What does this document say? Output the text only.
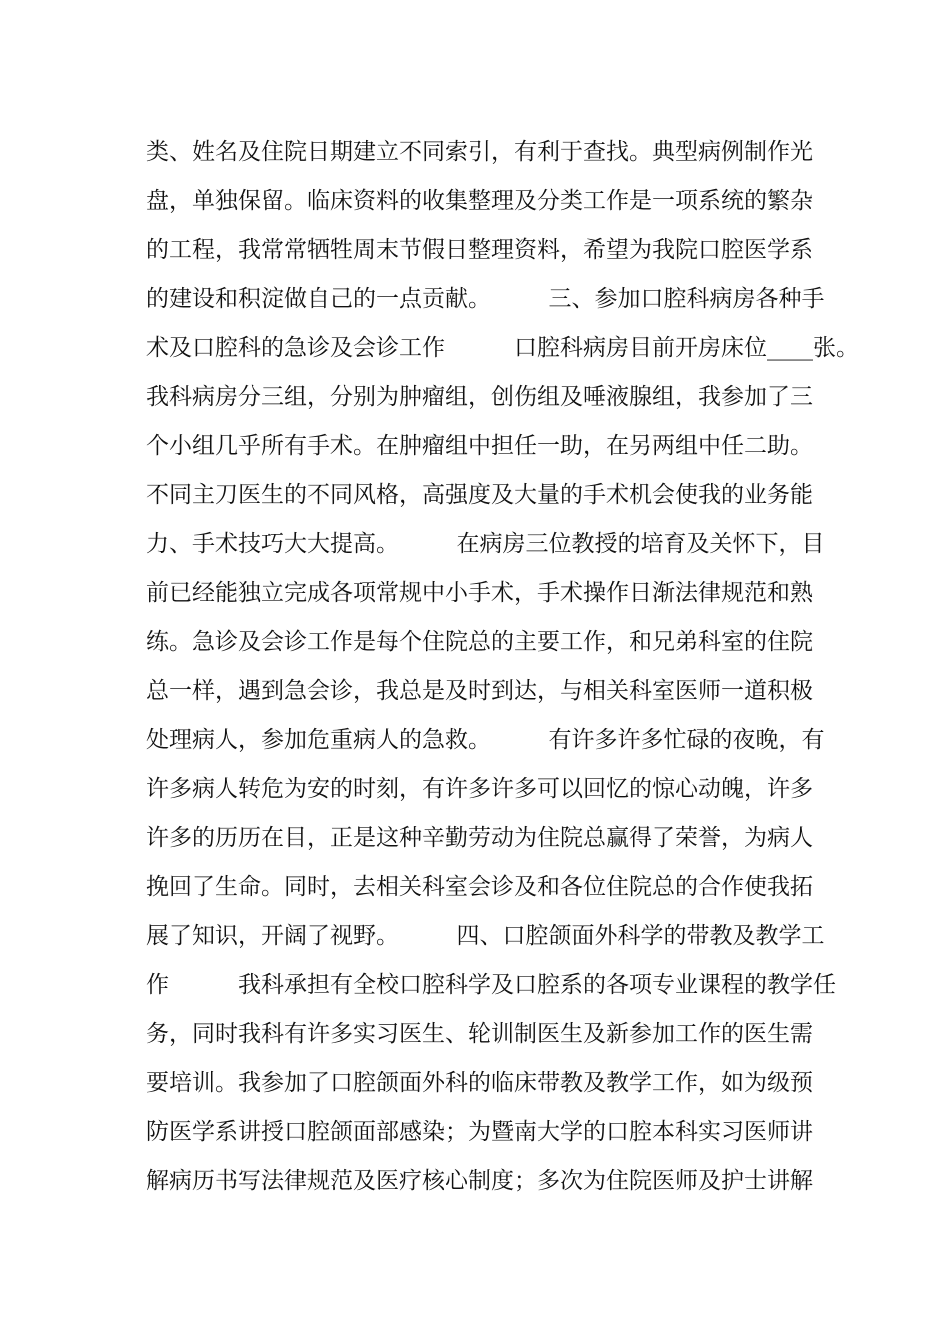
类、姓名及住院日期建立不同索引，有利于查找。典型病例制作光
盘，单独保留。临床资料的收集整理及分类工作是一项系统的繁杂
的工程，我常常牺牲周末节假日整理资料，希望为我院口腔医学系
的建设和积淀做自己的一点贡献。　　　三、参加口腔科病房各种手
术及口腔科的急诊及会诊工作　　　口腔科病房目前开房床位____张。
我科病房分三组，分别为肿瘤组，创伤组及唾液腺组，我参加了三
个小组几乎所有手术。在肿瘤组中担任一助，在另两组中任二助。
不同主刀医生的不同风格，高强度及大量的手术机会使我的业务能
力、手术技巧大大提高。　　　在病房三位教授的培育及关怀下，目
前已经能独立完成各项常规中小手术，手术操作日渐法律规范和熟
练。急诊及会诊工作是每个住院总的主要工作，和兄弟科室的住院
总一样，遇到急会诊，我总是及时到达，与相关科室医师一道积极
处理病人，参加危重病人的急救。　　　有许多许多忙碌的夜晚，有
许多病人转危为安的时刻，有许多许多可以回忆的惊心动魄，许多
许多的历历在目，正是这种辛勤劳动为住院总赢得了荣誉，为病人
挽回了生命。同时，去相关科室会诊及和各位住院总的合作使我拓
展了知识，开阔了视野。　　　四、口腔颌面外科学的带教及教学工
作　　　我科承担有全校口腔科学及口腔系的各项专业课程的教学任
务，同时我科有许多实习医生、轮训制医生及新参加工作的医生需
要培训。我参加了口腔颌面外科的临床带教及教学工作，如为级预
防医学系讲授口腔颌面部感染；为暨南大学的口腔本科实习医师讲
解病历书写法律规范及医疗核心制度；多次为住院医师及护士讲解
